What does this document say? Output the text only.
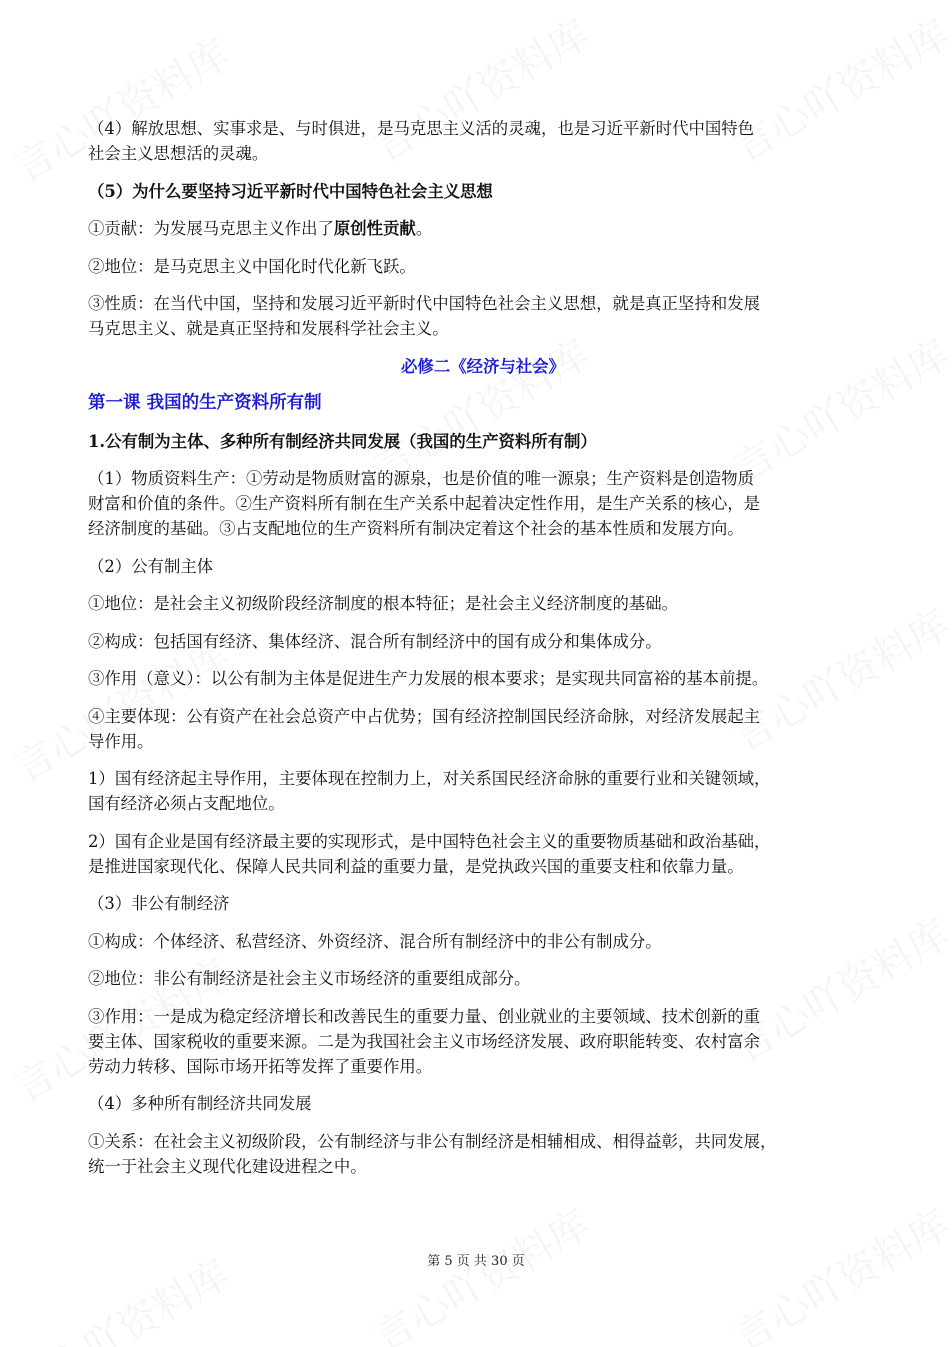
（4）解放思想、实事求是、与时俱进，是马克思主义活的灵魂，也是习近平新时代中国特色
社会主义思想活的灵魂。

（5）为什么要坚持习近平新时代中国特色社会主义思想

①贡献：为发展马克思主义作出了原创性贡献。

②地位：是马克思主义中国化时代化新飞跃。

③性质：在当代中国，坚持和发展习近平新时代中国特色社会主义思想，就是真正坚持和发展
马克思主义、就是真正坚持和发展科学社会主义。

必修二《经济与社会》

第一课 我国的生产资料所有制

1.公有制为主体、多种所有制经济共同发展（我国的生产资料所有制）

（1）物质资料生产：①劳动是物质财富的源泉，也是价值的唯一源泉；生产资料是创造物质
财富和价值的条件。②生产资料所有制在生产关系中起着决定性作用，是生产关系的核心，是
经济制度的基础。③占支配地位的生产资料所有制决定着这个社会的基本性质和发展方向。

（2）公有制主体

①地位：是社会主义初级阶段经济制度的根本特征；是社会主义经济制度的基础。

②构成：包括国有经济、集体经济、混合所有制经济中的国有成分和集体成分。

③作用（意义）：以公有制为主体是促进生产力发展的根本要求；是实现共同富裕的基本前提。

④主要体现：公有资产在社会总资产中占优势；国有经济控制国民经济命脉，对经济发展起主
导作用。

1）国有经济起主导作用，主要体现在控制力上，对关系国民经济命脉的重要行业和关键领域，
国有经济必须占支配地位。

2）国有企业是国有经济最主要的实现形式，是中国特色社会主义的重要物质基础和政治基础，
是推进国家现代化、保障人民共同利益的重要力量，是党执政兴国的重要支柱和依靠力量。

（3）非公有制经济

①构成：个体经济、私营经济、外资经济、混合所有制经济中的非公有制成分。

②地位：非公有制经济是社会主义市场经济的重要组成部分。

③作用：一是成为稳定经济增长和改善民生的重要力量、创业就业的主要领域、技术创新的重
要主体、国家税收的重要来源。二是为我国社会主义市场经济发展、政府职能转变、农村富余
劳动力转移、国际市场开拓等发挥了重要作用。

（4）多种所有制经济共同发展

①关系：在社会主义初级阶段，公有制经济与非公有制经济是相辅相成、相得益彰，共同发展，
统一于社会主义现代化建设进程之中。

第 5 页 共 30 页
